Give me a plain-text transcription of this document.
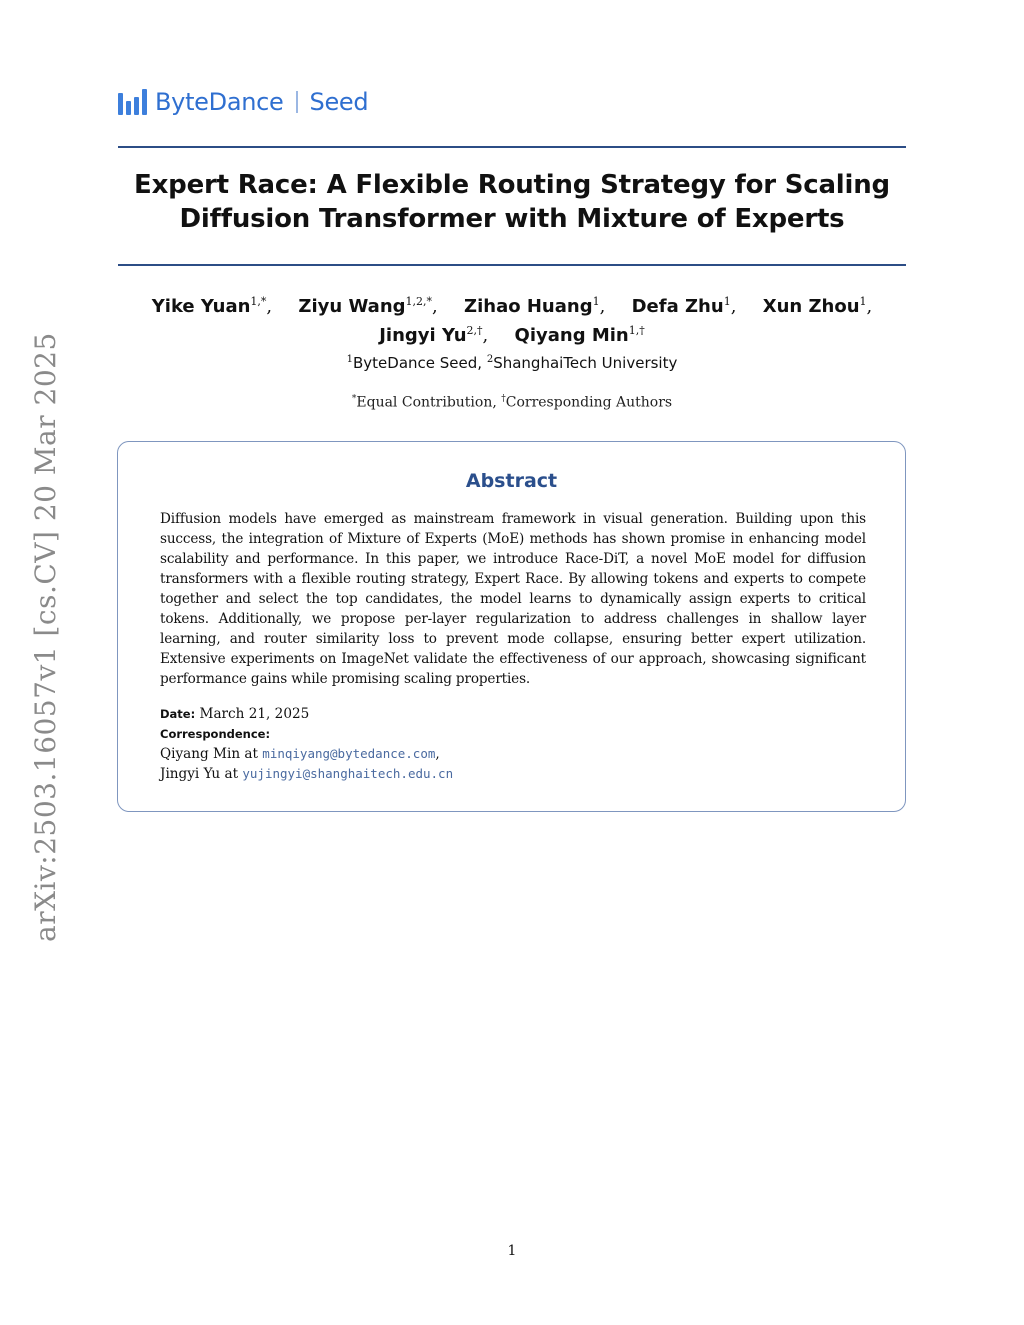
ByteDance Seed
Expert Race: A Flexible Routing Strategy for Scaling
Diffusion Transformer with Mixture of Experts
Yike Yuan$^{1,*}$, Ziyu Wang$^{1,2,*}$, Zihao Huang$^1$, Defa Zhu$^1$, Xun Zhou$^1$,
Jingyi $Yu^{2,\dagger}$, Qiyang Min$^{1,\dagger}$
$^1$ByteDance Seed, $^2$ShanghaiTech University
*Equal Contribution, †Corresponding Authors
Abstract
Diffusion models have emerged as mainstream framework in visual generation. Building upon this success, the integration of Mixture of Experts (MoE) methods has shown promise in enhancing model scalability and performance. In this paper, we introduce Race-DiT, a novel MoE model for diffusion transformers with a flexible routing strategy, Expert Race. By allowing tokens and experts to compete together and select the top candidates, the model learns to dynamically assign experts to critical tokens. Additionally, we propose per-layer regularization to address challenges in shallow layer learning, and router similarity loss to prevent mode collapse, ensuring better expert utilization. Extensive experiments on ImageNet validate the effectiveness of our approach, showcasing significant performance gains while promising scaling properties.
Date: March 21, 2025
Correspondence:
Qiyang Min at minqiyang@bytedance.com,
Jingyi Yu at yujingyi@shanghaitech.edu.cn
arXiv:2503.16057v1 [cs.CV] 20 Mar 2025
1
